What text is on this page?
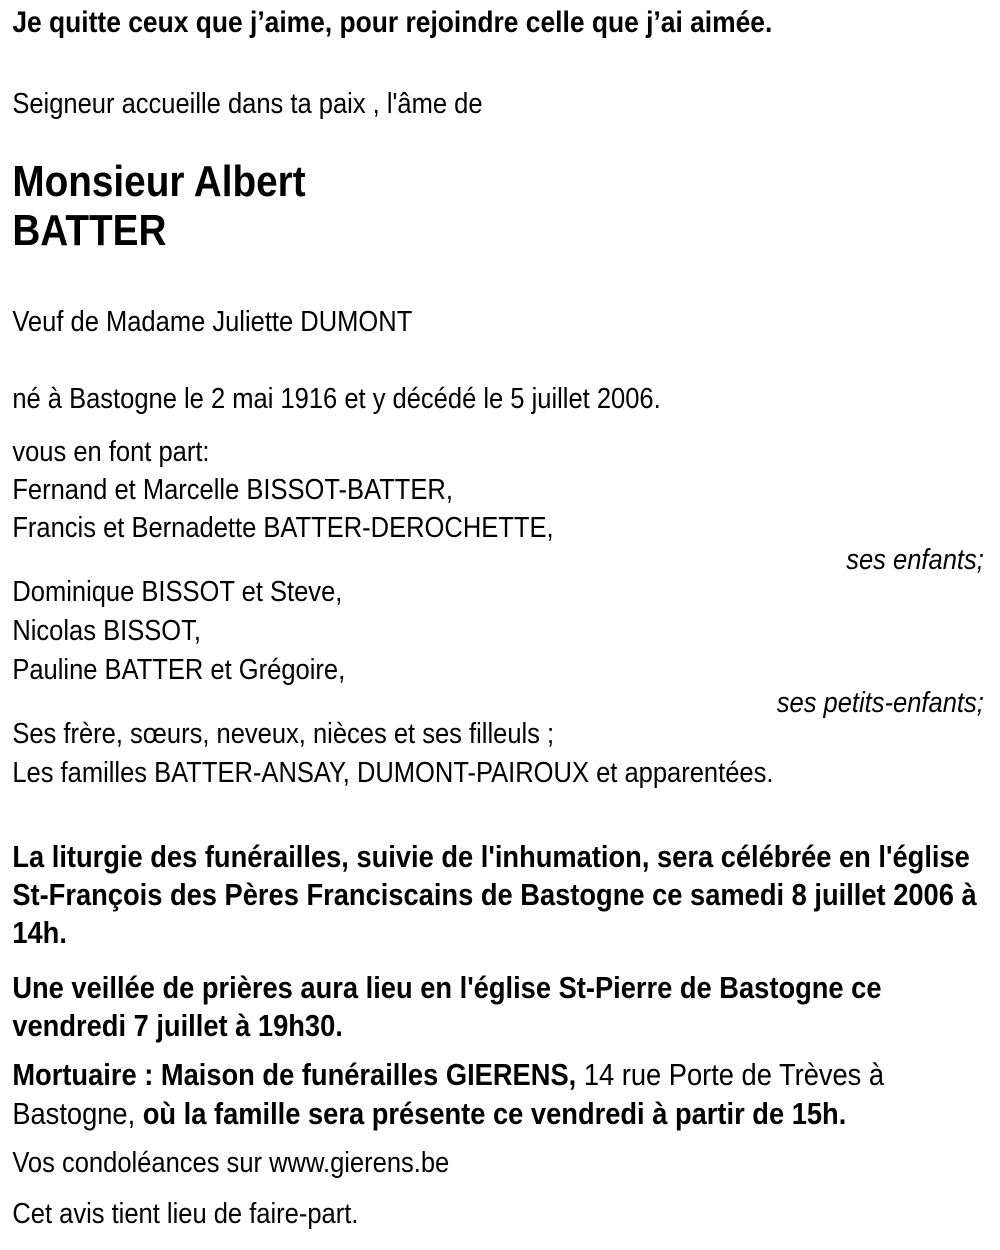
Je quitte ceux que j’aime, pour rejoindre celle que j’ai aimée.
Seigneur accueille dans ta paix , l'âme de
Monsieur Albert
BATTER
Veuf de Madame Juliette DUMONT
né à Bastogne le 2 mai 1916 et y décédé le 5 juillet 2006.
vous en font part:
Fernand et Marcelle BISSOT-BATTER,
Francis et Bernadette BATTER-DEROCHETTE,
ses enfants;
Dominique BISSOT et Steve,
Nicolas BISSOT,
Pauline BATTER et Grégoire,
ses petits-enfants;
Ses frère, sœurs, neveux, nièces et ses filleuls ;
Les familles BATTER-ANSAY, DUMONT-PAIROUX et apparentées.
La liturgie des funérailles, suivie de l'inhumation, sera célébrée en l'église St-François des Pères Franciscains de Bastogne ce samedi 8 juillet 2006 à 14h.
Une veillée de prières aura lieu en l'église St-Pierre de Bastogne ce vendredi 7 juillet à 19h30.
Mortuaire : Maison de funérailles GIERENS, 14 rue Porte de Trèves à Bastogne, où la famille sera présente ce vendredi à partir de 15h.
Vos condoléances sur www.gierens.be
Cet avis tient lieu de faire-part.
